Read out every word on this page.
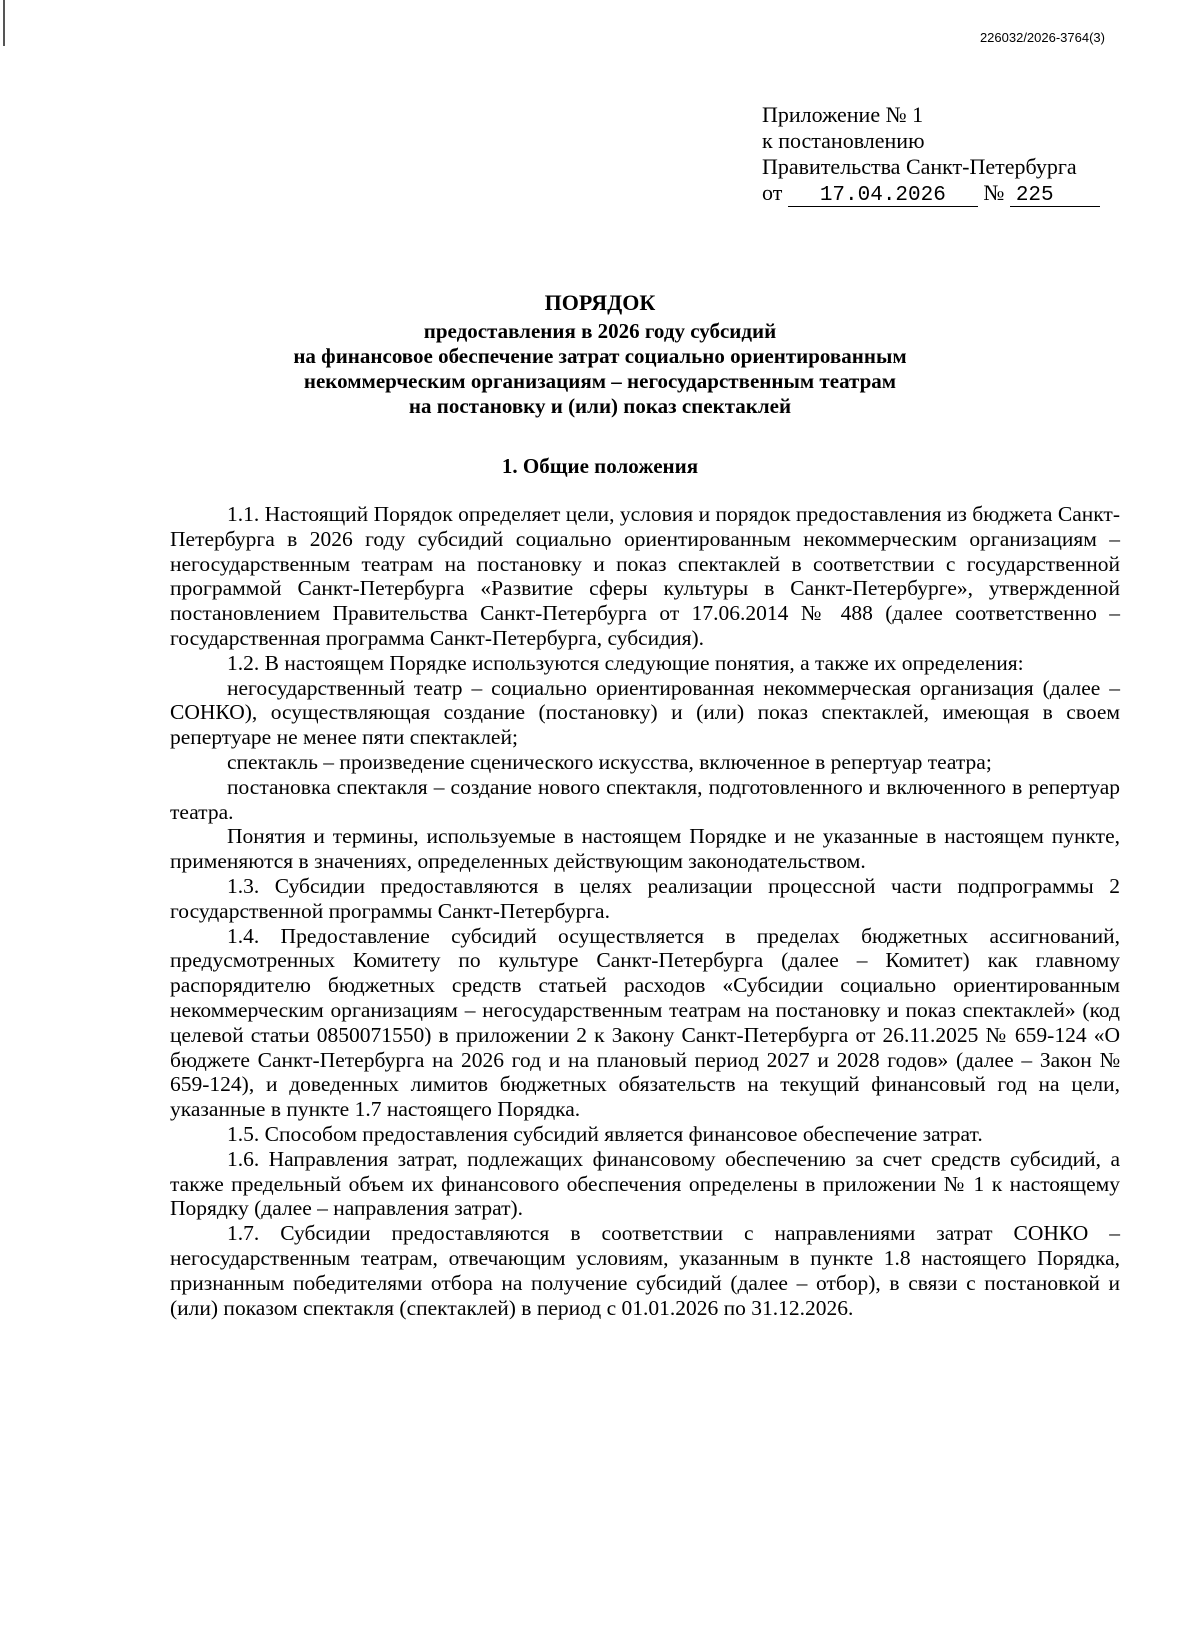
226032/2026-3764(3)
Приложение № 1
к постановлению
Правительства Санкт-Петербурга
от 17.04.2026 № 225
ПОРЯДОК
предоставления в 2026 году субсидий
на финансовое обеспечение затрат социально ориентированным
некоммерческим организациям – негосударственным театрам
на постановку и (или) показ спектаклей
1. Общие положения

1.1. Настоящий Порядок определяет цели, условия и порядок предоставления из бюджета Санкт-Петербурга в 2026 году субсидий социально ориентированным некоммерческим организациям – негосударственным театрам на постановку и показ спектаклей в соответствии с государственной программой Санкт-Петербурга «Развитие сферы культуры в Санкт-Петербурге», утвержденной постановлением Правительства Санкт-Петербурга от 17.06.2014 № 488 (далее соответственно – государственная программа Санкт-Петербурга, субсидия).

1.2. В настоящем Порядке используются следующие понятия, а также их определения:

негосударственный театр – социально ориентированная некоммерческая организация (далее – СОНКО), осуществляющая создание (постановку) и (или) показ спектаклей, имеющая в своем репертуаре не менее пяти спектаклей;

спектакль – произведение сценического искусства, включенное в репертуар театра;

постановка спектакля – создание нового спектакля, подготовленного и включенного в репертуар театра.

Понятия и термины, используемые в настоящем Порядке и не указанные в настоящем пункте, применяются в значениях, определенных действующим законодательством.

1.3. Субсидии предоставляются в целях реализации процессной части подпрограммы 2 государственной программы Санкт-Петербурга.

1.4. Предоставление субсидий осуществляется в пределах бюджетных ассигнований, предусмотренных Комитету по культуре Санкт-Петербурга (далее – Комитет) как главному распорядителю бюджетных средств статьей расходов «Субсидии социально ориентированным некоммерческим организациям – негосударственным театрам на постановку и показ спектаклей» (код целевой статьи 0850071550) в приложении 2 к Закону Санкт-Петербурга от 26.11.2025 № 659-124 «О бюджете Санкт-Петербурга на 2026 год и на плановый период 2027 и 2028 годов» (далее – Закон № 659-124), и доведенных лимитов бюджетных обязательств на текущий финансовый год на цели, указанные в пункте 1.7 настоящего Порядка.

1.5. Способом предоставления субсидий является финансовое обеспечение затрат.

1.6. Направления затрат, подлежащих финансовому обеспечению за счет средств субсидий, а также предельный объем их финансового обеспечения определены в приложении № 1 к настоящему Порядку (далее – направления затрат).

1.7. Субсидии предоставляются в соответствии с направлениями затрат СОНКО – негосударственным театрам, отвечающим условиям, указанным в пункте 1.8 настоящего Порядка, признанным победителями отбора на получение субсидий (далее – отбор), в связи с постановкой и (или) показом спектакля (спектаклей) в период с 01.01.2026 по 31.12.2026.
